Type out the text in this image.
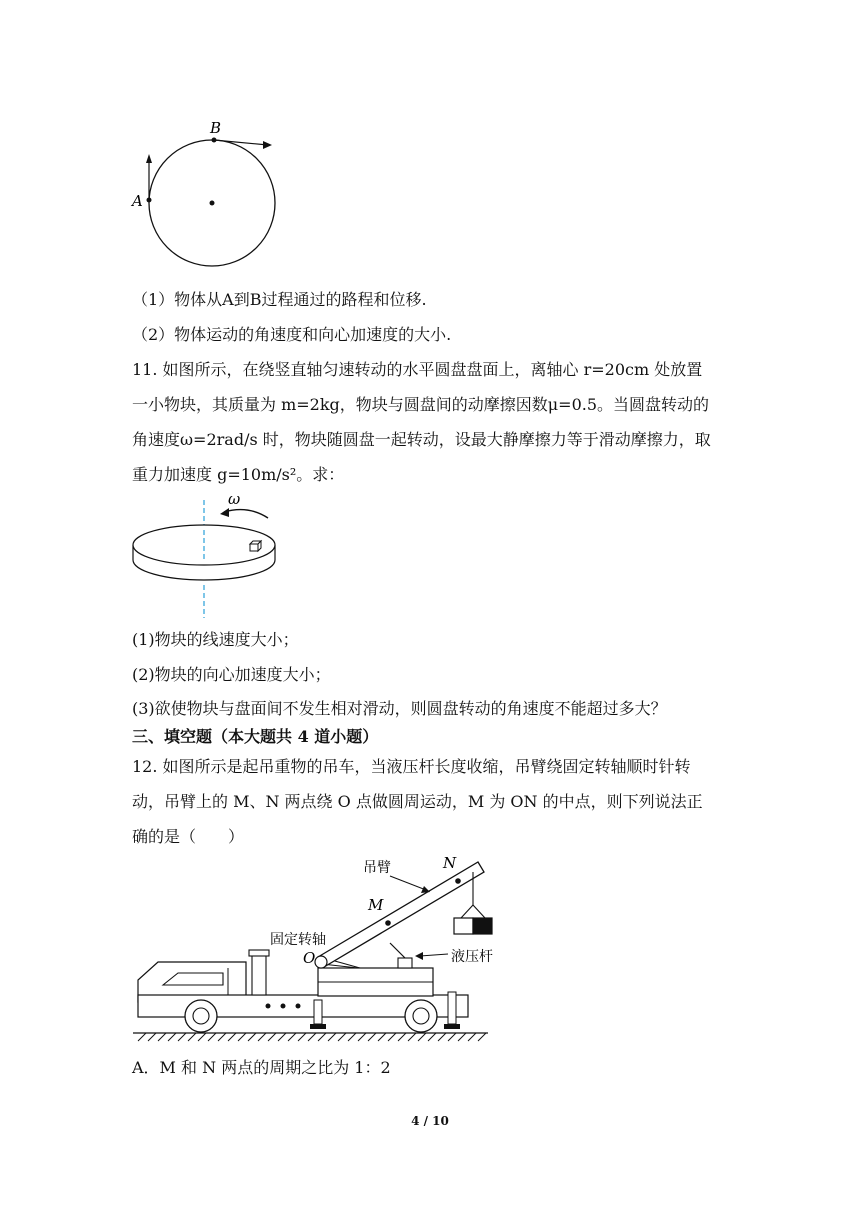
A
B
（1）物体从A到B过程通过的路程和位移.
（2）物体运动的角速度和向心加速度的大小.
11. 如图所示，在绕竖直轴匀速转动的水平圆盘盘面上，离轴心 r=20cm 处放置
一小物块，其质量为 m=2kg，物块与圆盘间的动摩擦因数μ=0.5。当圆盘转动的
角速度ω=2rad/s 时，物块随圆盘一起转动，设最大静摩擦力等于滑动摩擦力，取
重力加速度 g=10m/s²。求：
ω
(1)物块的线速度大小；
(2)物块的向心加速度大小；
(3)欲使物块与盘面间不发生相对滑动，则圆盘转动的角速度不能超过多大？
三、填空题（本大题共 4 道小题）
12. 如图所示是起吊重物的吊车，当液压杆长度收缩，吊臂绕固定转轴顺时针转
动，吊臂上的 M、N 两点绕 O 点做圆周运动，M 为 ON 的中点，则下列说法正
确的是（　　）
吊臂	N
M
固定转轴
O	液压杆
A．M 和 N 两点的周期之比为 1：2
4 / 10
